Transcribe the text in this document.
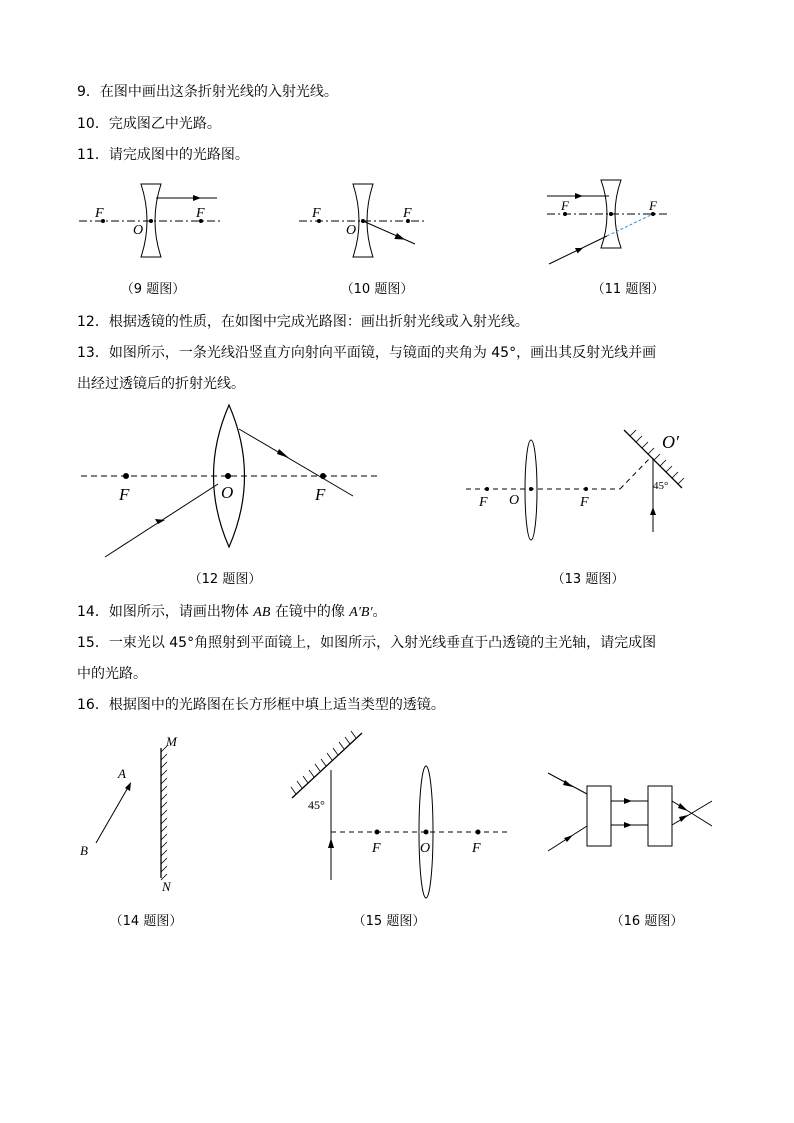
9．在图中画出这条折射光线的入射光线。
10．完成图乙中光路。
11．请完成图中的光路图。
F
O
F	F
O
F
F	F
（9 题图）	（10 题图）	（11 题图）
12．根据透镜的性质，在如图中完成光路图：画出折射光线或入射光线。
13．如图所示，一条光线沿竖直方向射向平面镜，与镜面的夹角为 45°，画出其反射光线并画
出经过透镜后的折射光线。
F	O	F	F O	F
O′
45°
（12 题图）	（13 题图）
14．如图所示，请画出物体 AB 在镜中的像 A′B′。
15．一束光以 45°角照射到平面镜上，如图所示，入射光线垂直于凸透镜的主光轴，请完成图
中的光路。
16．根据图中的光路图在长方形框中填上适当类型的透镜。
A
B
M
N
F	O	F
45°
（14 题图）	（15 题图）	（16 题图）
